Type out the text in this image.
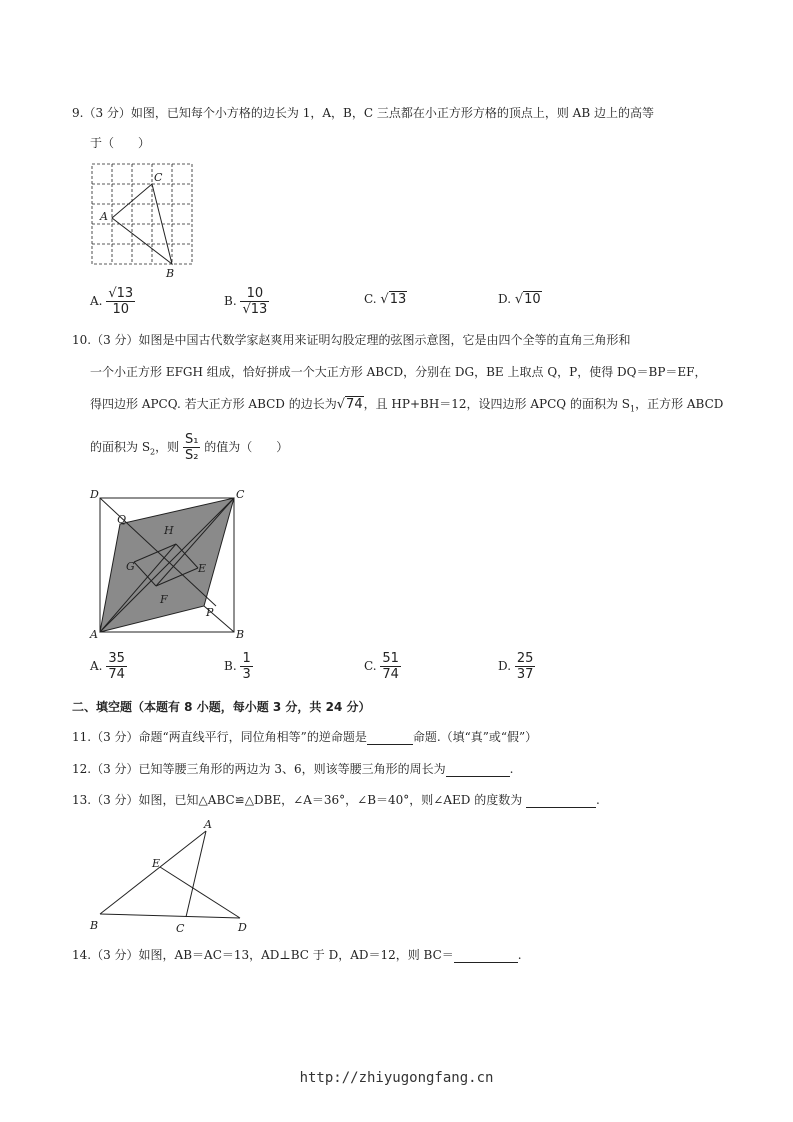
9.（3 分）如图，已知每个小方格的边长为 1，A，B，C 三点都在小正方形方格的顶点上，则 AB 边上的高等
于（　　）
A
C
B
A. $\frac{√13}{10}$	B. $\frac{10}{√13}$	C. √13	D. √10
10.（3 分）如图是中国古代数学家赵爽用来证明勾股定理的弦图示意图，它是由四个全等的直角三角形和
一个小正方形 EFGH 组成，恰好拼成一个大正方形 ABCD，分别在 DG，BE 上取点 Q，P，使得 DQ＝BP＝EF，
得四边形 APCQ. 若大正方形 ABCD 的边长为√74，且 HP+BH＝12，设四边形 APCQ 的面积为 $S_1$，正方形 ABCD
的面积为 $S_2$，则 $\frac{\text{S₁}}{\text{S₂}}$ 的值为（　　）
D	C
A	B
Q
H
G	E
F
P
A. $\frac{35}{74}$	B. $\frac{1}{3}$	C. $\frac{51}{74}$	D. $\frac{25}{37}$
二、填空题（本题有 8 小题，每小题 3 分，共 24 分）
11.（3 分）命题“两直线平行，同位角相等”的逆命题是	命题.（填“真”或“假”）
12.（3 分）已知等腰三角形的两边为 3、6，则该等腰三角形的周长为	.
13.（3 分）如图，已知△ABC≌△DBE，∠A＝36°，∠B＝40°，则∠AED 的度数为	.
A
E
B	C	D
14.（3 分）如图，AB＝AC＝13，AD⊥BC 于 D，AD＝12，则 BC＝	.
http://zhiyugongfang.cn
